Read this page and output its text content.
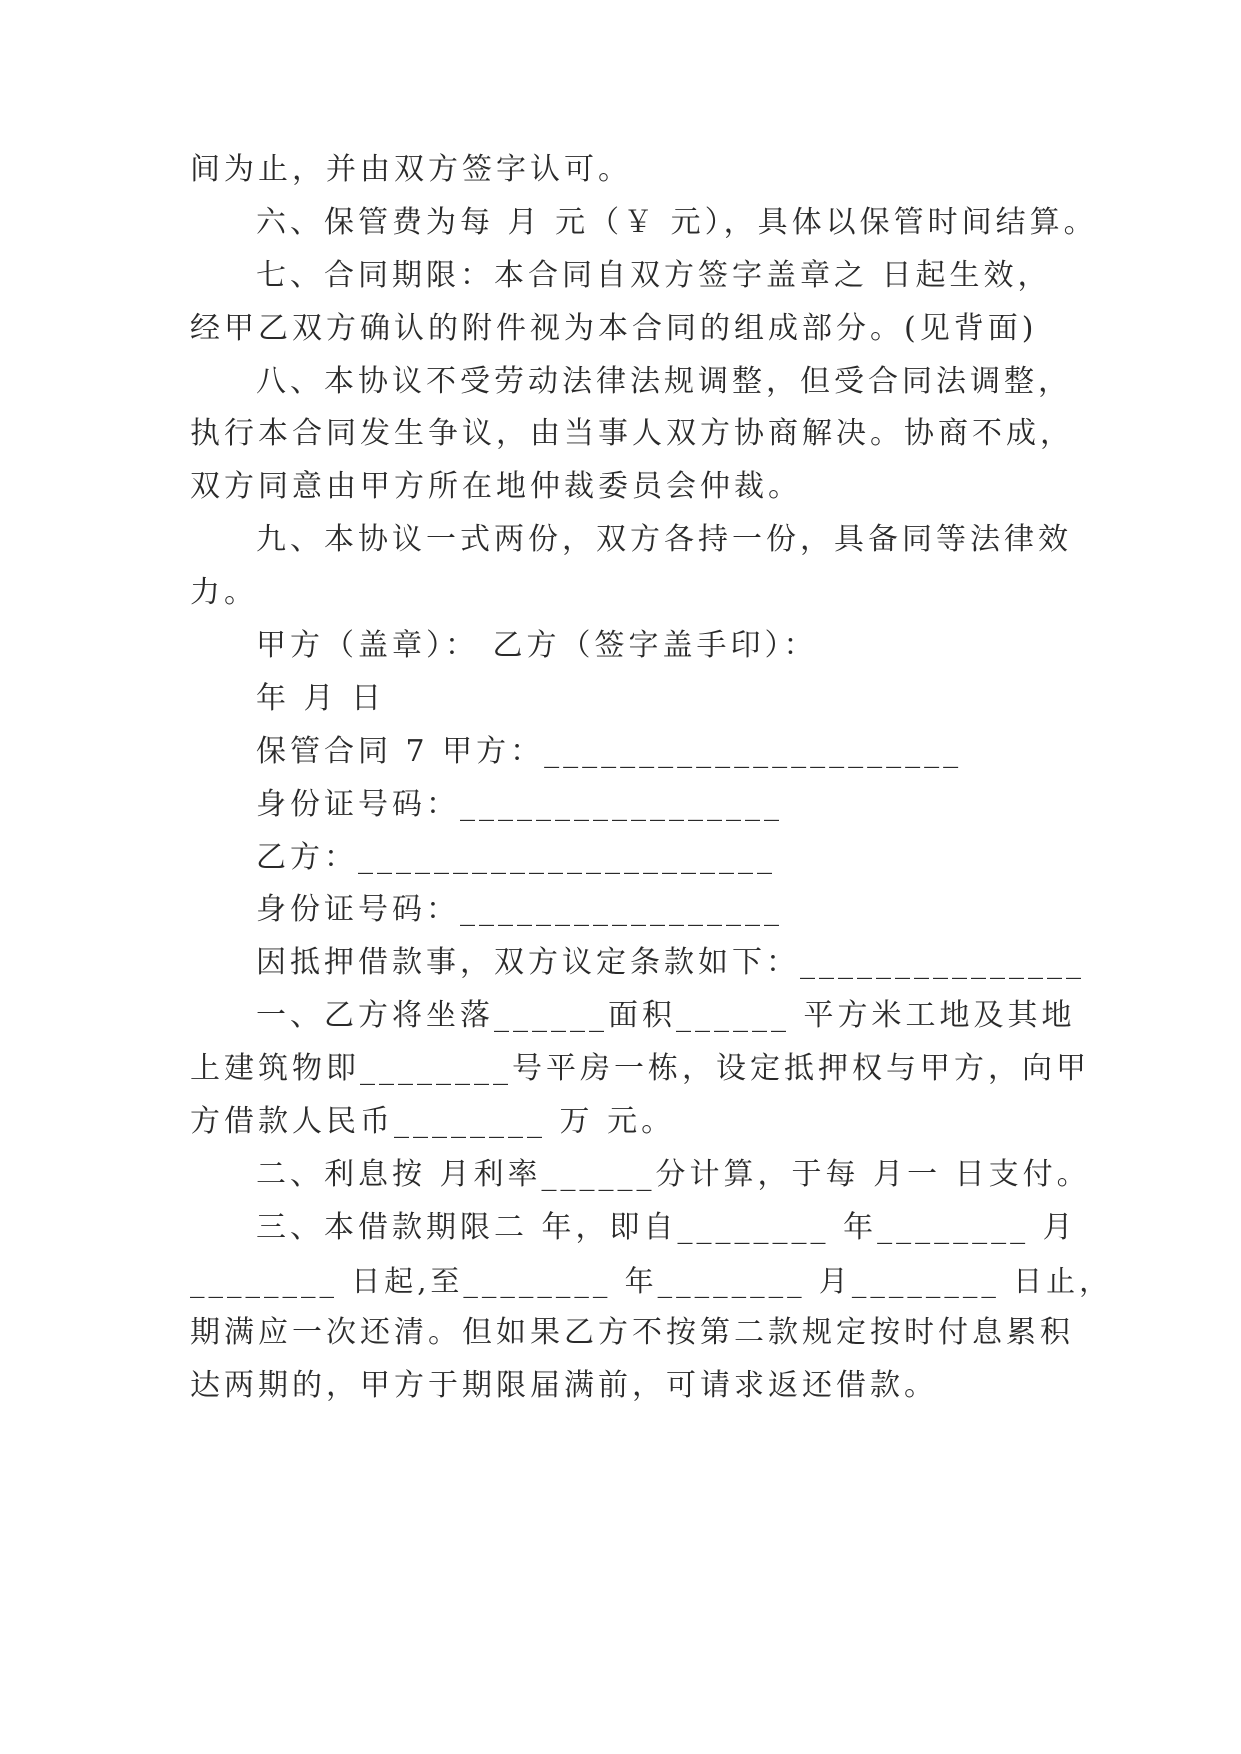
间为止，并由双方签字认可。
六、保管费为每 月 元（￥ 元），具体以保管时间结算。
七、合同期限：本合同自双方签字盖章之 日起生效，
经甲乙双方确认的附件视为本合同的组成部分。(见背面)
八、本协议不受劳动法律法规调整，但受合同法调整，
执行本合同发生争议，由当事人双方协商解决。协商不成，
双方同意由甲方所在地仲裁委员会仲裁。
九、本协议一式两份，双方各持一份，具备同等法律效
力。
甲方（盖章）： 乙方（签字盖手印）：
年 月 日
保管合同 7 甲方：______________________
身份证号码：_________________
乙方：______________________
身份证号码：_________________
因抵押借款事，双方议定条款如下：_______________
一、乙方将坐落______面积______ 平方米工地及其地
上建筑物即________号平房一栋，设定抵押权与甲方，向甲
方借款人民币________ 万 元。
二、利息按 月利率______分计算，于每 月一 日支付。
三、本借款期限二 年，即自________ 年________ 月
________ 日起,至________ 年________ 月________ 日止，
期满应一次还清。但如果乙方不按第二款规定按时付息累积
达两期的，甲方于期限届满前，可请求返还借款。
